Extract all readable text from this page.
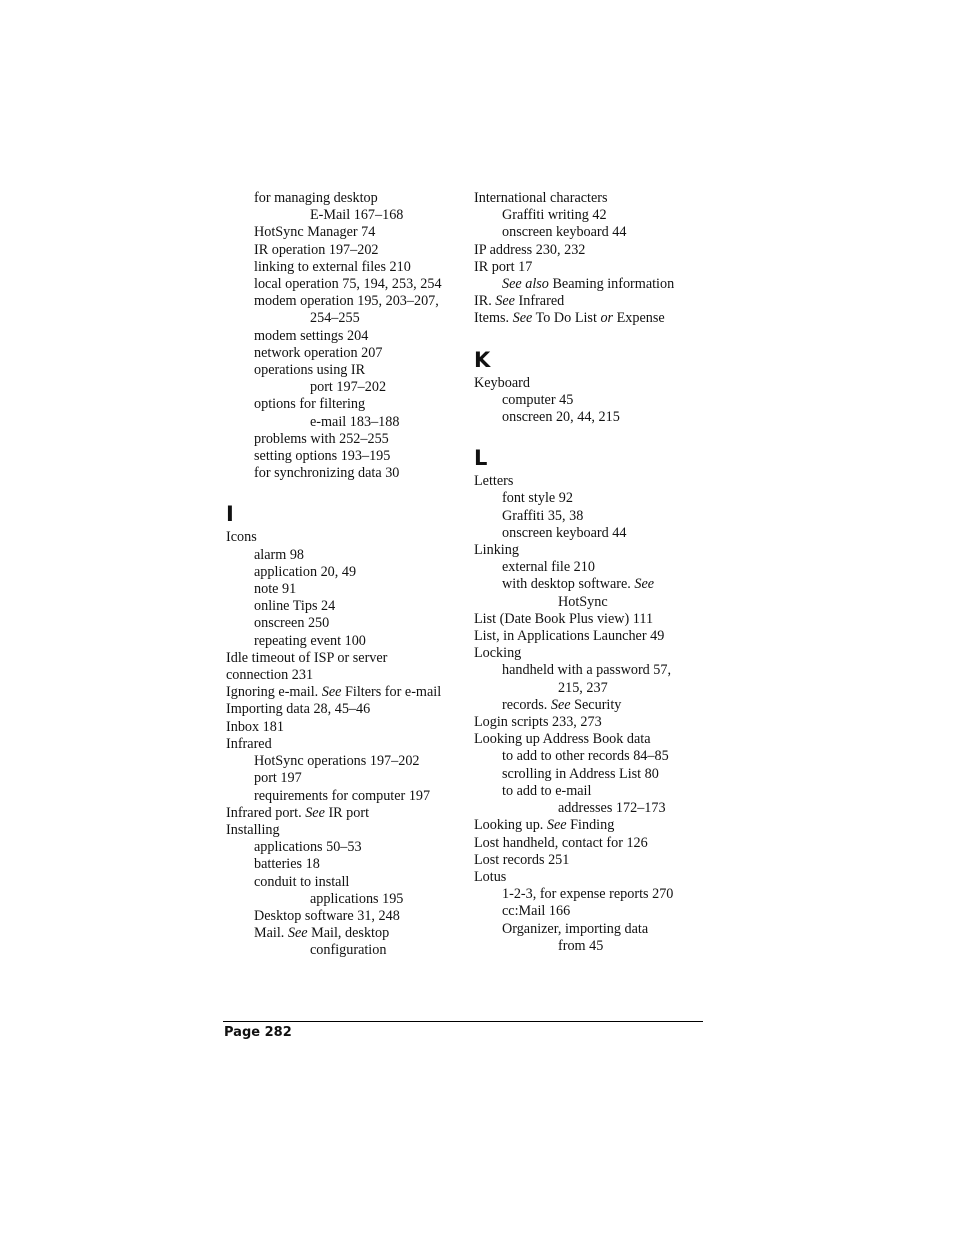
for managing desktop
E-Mail 167–168
HotSync Manager 74
IR operation 197–202
linking to external files 210
local operation 75, 194, 253, 254
modem operation 195, 203–207,
254–255
modem settings 204
network operation 207
operations using IR
port 197–202
options for filtering
e-mail 183–188
problems with 252–255
setting options 193–195
for synchronizing data 30
I
Icons
alarm 98
application 20, 49
note 91
online Tips 24
onscreen 250
repeating event 100
Idle timeout of ISP or server
connection 231
Ignoring e-mail. See Filters for e-mail
Importing data 28, 45–46
Inbox 181
Infrared
HotSync operations 197–202
port 197
requirements for computer 197
Infrared port. See IR port
Installing
applications 50–53
batteries 18
conduit to install
applications 195
Desktop software 31, 248
Mail. See Mail, desktop
configuration
International characters
Graffiti writing 42
onscreen keyboard 44
IP address 230, 232
IR port 17
See also Beaming information
IR. See Infrared
Items. See To Do List or Expense
K
Keyboard
computer 45
onscreen 20, 44, 215
L
Letters
font style 92
Graffiti 35, 38
onscreen keyboard 44
Linking
external file 210
with desktop software. See
HotSync
List (Date Book Plus view) 111
List, in Applications Launcher 49
Locking
handheld with a password 57,
215, 237
records. See Security
Login scripts 233, 273
Looking up Address Book data
to add to other records 84–85
scrolling in Address List 80
to add to e-mail
addresses 172–173
Looking up. See Finding
Lost handheld, contact for 126
Lost records 251
Lotus
1-2-3, for expense reports 270
cc:Mail 166
Organizer, importing data
from 45
Page 282
